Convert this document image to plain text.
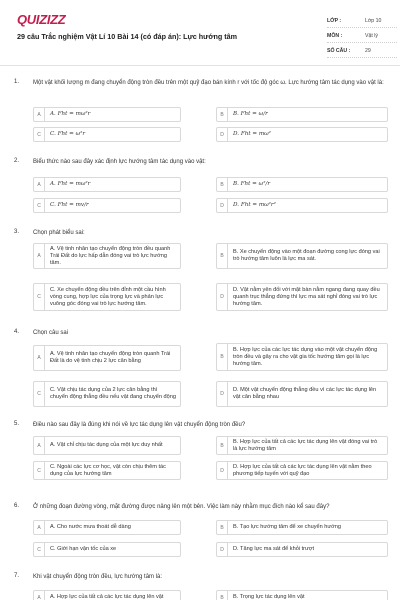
QUIZIZZ
29 câu Trắc nghiệm Vật Lí 10 Bài 14 (có đáp án): Lực hướng tâm
LỚP :	Lớp 10
MÔN :	Vật lý
SỐ CÂU :	29
1. Một vật khối lượng m đang chuyển động tròn đều trên một quỹ đạo bán kính r với tốc độ góc ω. Lực hướng tâm tác dụng vào vật là:
A	A. Fht = mω²r	B	B. Fht = ω/r
C	C. Fht = ω²r	D	D. Fht = mω²
2. Biểu thức nào sau đây xác định lực hướng tâm tác dụng vào vật:
A	A. Fht = mω²r	B	B. Fht = ω²/r
C	C. Fht = mv/r	D	D. Fht = mω²r²
3. Chọn phát biểu sai:
A
A. Vệ tinh nhân tạo chuyển động tròn đều quanh Trái Đất do lực hấp dẫn đóng vai trò lực hướng tâm.
B
B. Xe chuyển động vào một đoạn đường cong lực đóng vai trò hướng tâm luôn là lực ma sát.
C
C. Xe chuyển động đều trên đỉnh một cầu hình vòng cung, hợp lực của trọng lực và phản lực vuông góc đóng vai trò lực hướng tâm.
D
D. Vật nằm yên đối với mặt bàn nằm ngang đang quay đều quanh trục thẳng đứng thì lực ma sát nghỉ đóng vai trò lực hướng tâm.
4. Chọn câu sai
A
A. Vệ tinh nhân tạo chuyển động tròn quanh Trái Đất là do vệ tinh chịu 2 lực cân bằng
B
B. Hợp lực của các lực tác dụng vào một vật chuyển động tròn đều và gây ra cho vật gia tốc hướng tâm gọi là lực hướng tâm.
C
C. Vật chịu tác dụng của 2 lực cân bằng thì chuyển động thẳng đều nếu vật đang chuyển động	D
D. Một vật chuyển động thẳng đều vì các lực tác dụng lên vật cân bằng nhau
5. Điều nào sau đây là đúng khi nói về lực tác dụng lên vật chuyển động tròn đều?
A	A. Vật chỉ chịu tác dụng của một lực duy nhất	B
B. Hợp lực của tất cả các lực tác dụng lên vật đóng vai trò là lực hướng tâm
C
C. Ngoài các lực cơ học, vật còn chịu thêm tác dụng của lực hướng tâm	D
D. Hợp lực của tất cả các lực tác dụng lên vật nằm theo phương tiếp tuyến với quỹ đạo
6. Ở những đoạn đường vòng, mặt đường được nâng lên một bên. Việc làm này nhằm mục đích nào kể sau đây?
A	A. Cho nước mưa thoát dễ dàng	B	B. Tạo lực hướng tâm để xe chuyển hướng
C	C. Giới hạn vận tốc của xe	D	D. Tăng lực ma sát để khỏi trượt
7. Khi vật chuyển động tròn đều, lực hướng tâm là:
A	A. Hợp lực của tất cả các lực tác dụng lên vật	B	B. Trọng lực tác dụng lên vật
